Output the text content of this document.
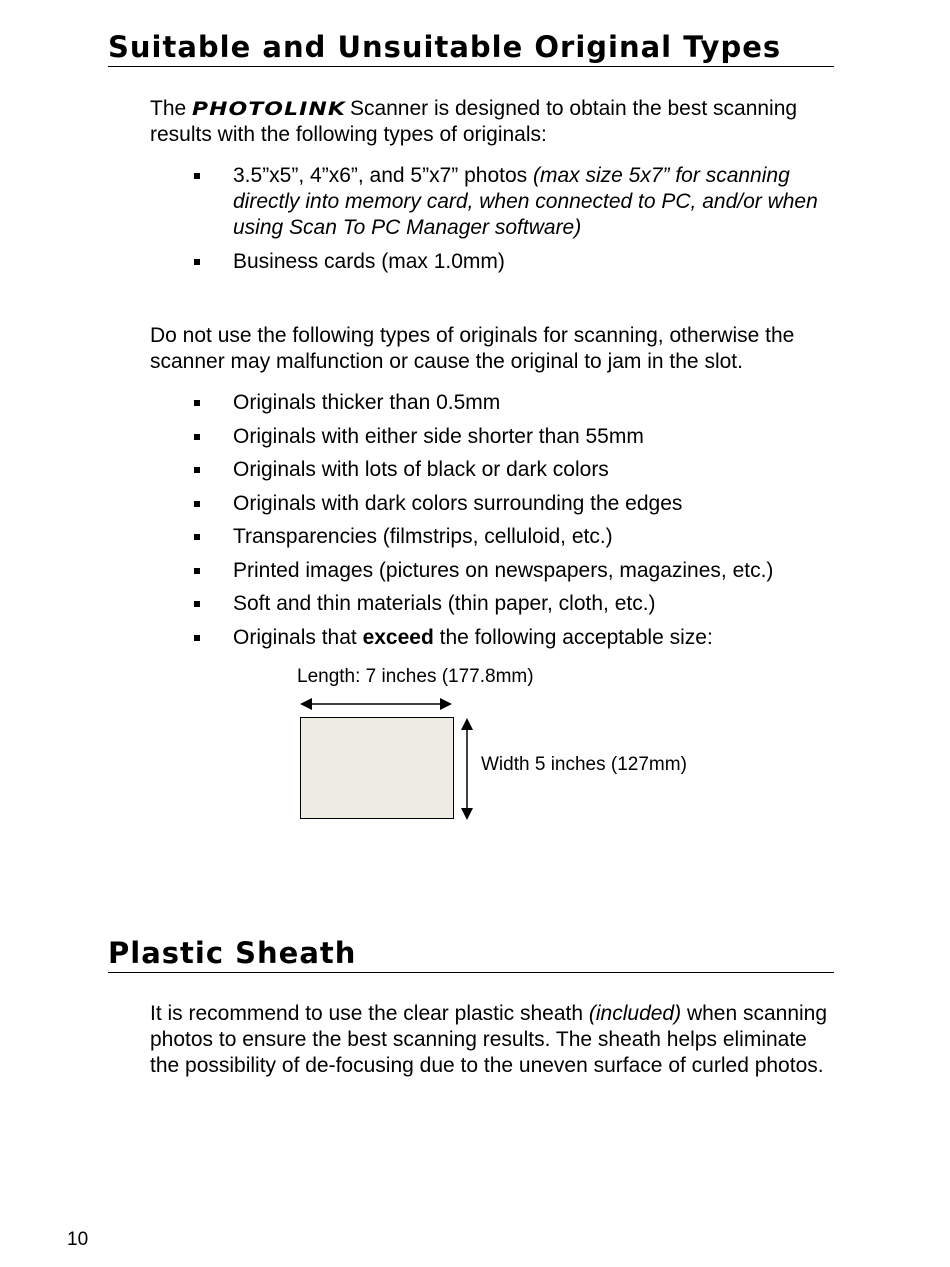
Suitable and Unsuitable Original Types

The PHOTOLINK Scanner is designed to obtain the best scanning results with the following types of originals:

3.5”x5”, 4”x6”, and 5”x7” photos (max size 5x7” for scanning directly into memory card, when connected to PC, and/or when using Scan To PC Manager software)
Business cards (max 1.0mm)

Do not use the following types of originals for scanning, otherwise the scanner may malfunction or cause the original to jam in the slot.

Originals thicker than 0.5mm
Originals with either side shorter than 55mm
Originals with lots of black or dark colors
Originals with dark colors surrounding the edges
Transparencies (filmstrips, celluloid, etc.)
Printed images (pictures on newspapers, magazines, etc.)
Soft and thin materials (thin paper, cloth, etc.)
Originals that exceed the following acceptable size:
Length: 7 inches (177.8mm)
Width 5 inches (127mm)
Plastic Sheath

It is recommend to use the clear plastic sheath (included) when scanning photos to ensure the best scanning results. The sheath helps eliminate the possibility of de-focusing due to the uneven surface of curled photos.

10
